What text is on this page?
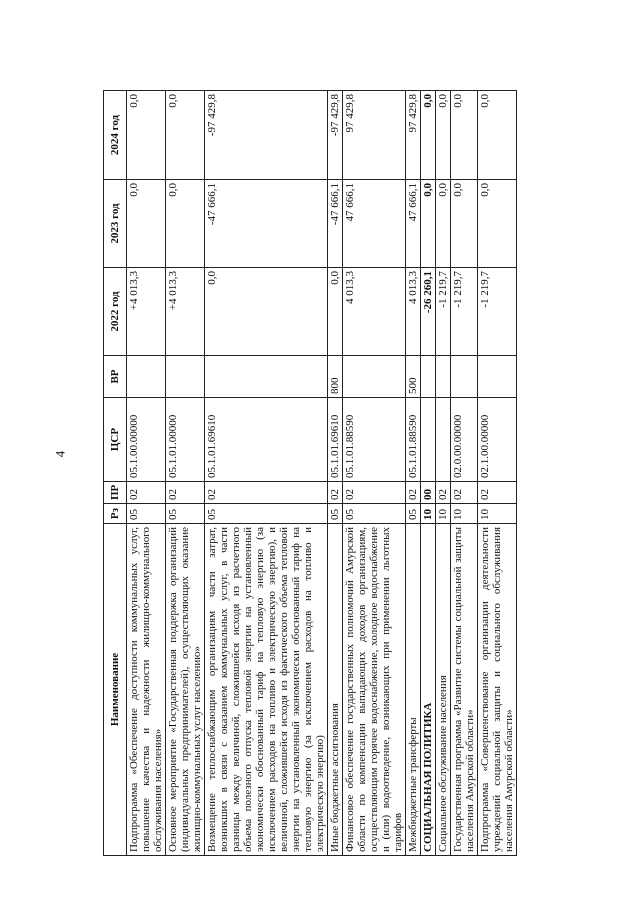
4
Наименование	Рз	ПР	ЦСР	ВР	2022 год	2023 год	2024 год
Подпрограмма «Обеспечение доступности коммунальных услуг, повышение качества и надежности жилищно-коммунального обслуживания населения»	05	02	05.1.00.00000		+4 013,3	0,0	0,0
Основное мероприятие «Государственная поддержка организаций (индивидуальных предпринимателей), осуществляющих оказание жилищно-коммунальных услуг населению»	05	02	05.1.01.00000		+4 013,3	0,0	0,0
Возмещение теплоснабжающим организациям части затрат, возникших в связи с оказанием коммунальных услуг, в части разницы между величиной, сложившейся исходя из расчетного объема полезного отпуска тепловой энергии на установленный экономически обоснованный тариф на тепловую энергию (за исключением расходов на топливо и электрическую энергию), и величиной, сложившейся исходя из фактического объема тепловой энергии на установленный экономически обоснованный тариф на тепловую энергию (за исключением расходов на топливо и электрическую энергию)	05	02	05.1.01.69610		0,0	-47 666,1	-97 429,8
Иные бюджетные ассигнования	05	02	05.1.01.69610	800	0,0	-47 666,1	-97 429,8
Финансовое обеспечение государственных полномочий Амурской области по компенсации выпадающих доходов организациям, осуществляющим горячее водоснабжение, холодное водоснабжение и (или) водоотведение, возникающих при применении льготных тарифов	05	02	05.1.01.88590		4 013,3	47 666,1	97 429,8
Межбюджетные трансферты	05	02	05.1.01.88590	500	4 013,3	47 666,1	97 429,8
СОЦИАЛЬНАЯ ПОЛИТИКА	10	00			-26 260,1	0,0	0,0
Социальное обслуживание населения	10	02			-1 219,7	0,0	0,0
Государственная программа «Развитие системы социальной защиты населения Амурской области»	10	02	02.0.00.00000		-1 219,7	0,0	0,0
Подпрограмма «Совершенствование организации деятельности учреждений социальной защиты и социального обслуживания населения Амурской области»	10	02	02.1.00.00000		-1 219,7	0,0	0,0
